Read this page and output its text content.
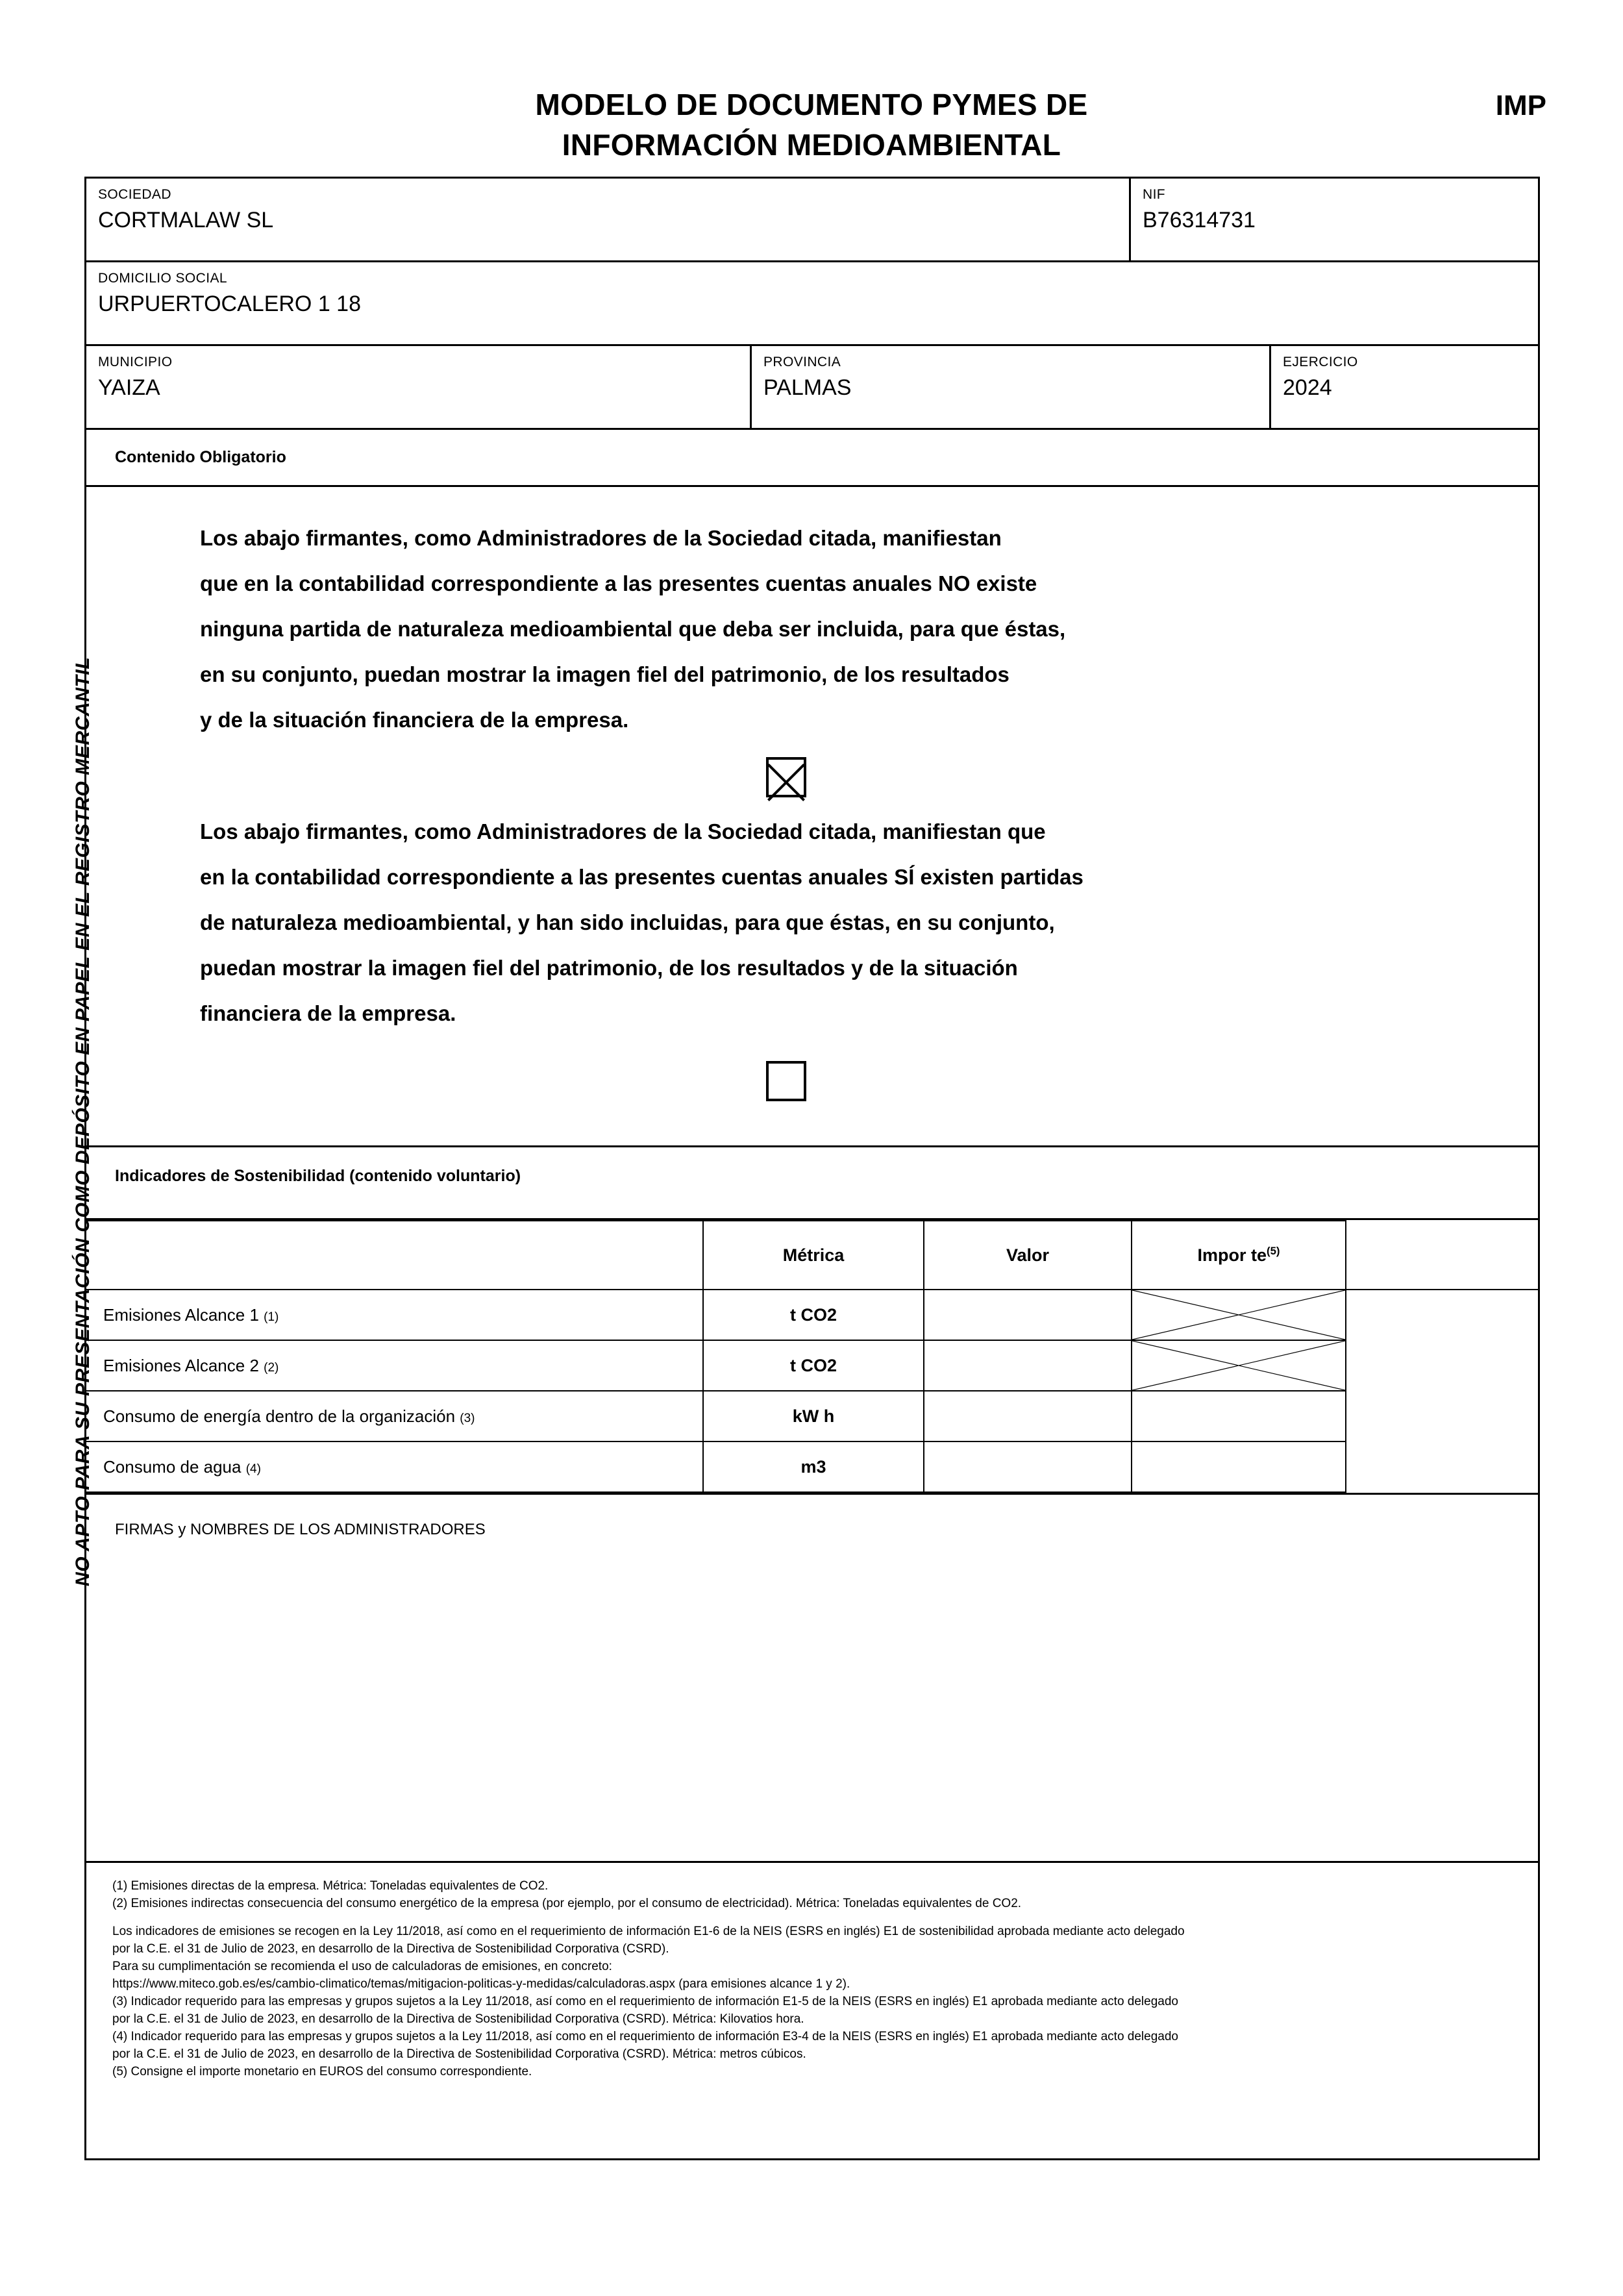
MODELO DE DOCUMENTO PYMES DE
INFORMACIÓN MEDIOAMBIENTAL
IMP
NO APTO PARA SU PRESENTACIÓN COMO DEPÓSITO EN PAPEL EN EL REGISTRO MERCANTIL
SOCIEDAD
CORTMALAW SL
NIF
B76314731
DOMICILIO SOCIAL
URPUERTOCALERO 1 18
MUNICIPIO
YAIZA
PROVINCIA
PALMAS
EJERCICIO
2024
Contenido Obligatorio
Los abajo firmantes, como Administradores de la Sociedad citada, manifiestan
que en la contabilidad correspondiente a las presentes cuentas anuales NO existe
ninguna partida de naturaleza medioambiental que deba ser incluida, para que éstas,
en su conjunto, puedan mostrar la imagen fiel del patrimonio, de los resultados
y de la situación financiera de la empresa.
Los abajo firmantes, como Administradores de la Sociedad citada, manifiestan que
en la contabilidad correspondiente a las presentes cuentas anuales SÍ existen partidas
de naturaleza medioambiental, y han sido incluidas, para que éstas, en su conjunto,
puedan mostrar la imagen fiel del patrimonio, de los resultados y de la situación
financiera de la empresa.
Indicadores de Sostenibilidad (contenido voluntario)
	Métrica	Valor	Impor $te^{(5)}$	
Emisiones Alcance 1 (1)	t CO2		

Emisiones Alcance 2 (2)	t CO2		

Consumo de energía dentro de la organización (3)	kW h			
Consumo de agua (4)	m3			
FIRMAS y NOMBRES DE LOS ADMINISTRADORES
(1) Emisiones directas de la empresa. Métrica: Toneladas equivalentes de CO2.
(2) Emisiones indirectas consecuencia del consumo energético de la empresa (por ejemplo, por el consumo de electricidad). Métrica: Toneladas equivalentes de CO2.
Los indicadores de emisiones se recogen en la Ley 11/2018, así como en el requerimiento de información E1-6 de la NEIS (ESRS en inglés) E1 de sostenibilidad aprobada mediante acto delegado
por la C.E. el 31 de Julio de 2023, en desarrollo de la Directiva de Sostenibilidad Corporativa (CSRD).
Para su cumplimentación se recomienda el uso de calculadoras de emisiones, en concreto:
https://www.miteco.gob.es/es/cambio-climatico/temas/mitigacion-politicas-y-medidas/calculadoras.aspx (para emisiones alcance 1 y 2).
(3) Indicador requerido para las empresas y grupos sujetos a la Ley 11/2018, así como en el requerimiento de información E1-5 de la NEIS (ESRS en inglés) E1 aprobada mediante acto delegado
por la C.E. el 31 de Julio de 2023, en desarrollo de la Directiva de Sostenibilidad Corporativa (CSRD). Métrica: Kilovatios hora.
(4) Indicador requerido para las empresas y grupos sujetos a la Ley 11/2018, así como en el requerimiento de información E3-4 de la NEIS (ESRS en inglés) E1 aprobada mediante acto delegado
por la C.E. el 31 de Julio de 2023, en desarrollo de la Directiva de Sostenibilidad Corporativa (CSRD). Métrica: metros cúbicos.
(5) Consigne el importe monetario en EUROS del consumo correspondiente.
